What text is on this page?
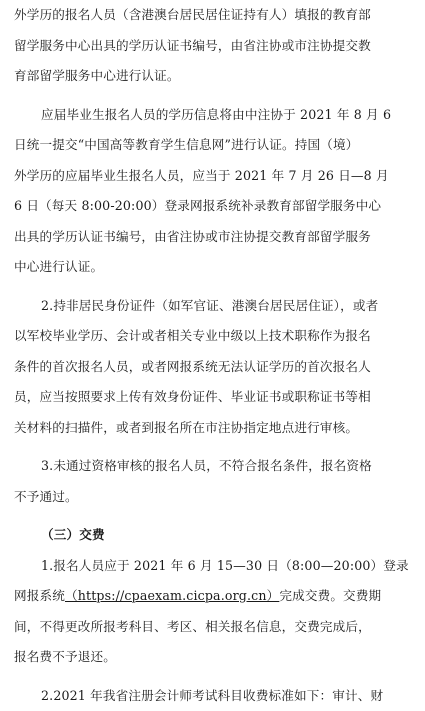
外学历的报名人员（含港澳台居民居住证持有人）填报的教育部
留学服务中心出具的学历认证书编号，由省注协或市注协提交教
育部留学服务中心进行认证。
应届毕业生报名人员的学历信息将由中注协于 2021 年 8 月 6
日统一提交“中国高等教育学生信息网”进行认证。持国（境）
外学历的应届毕业生报名人员，应当于 2021 年 7 月 26 日—8 月
6 日（每天 8:00-20:00）登录网报系统补录教育部留学服务中心
出具的学历认证书编号，由省注协或市注协提交教育部留学服务
中心进行认证。
2.持非居民身份证件（如军官证、港澳台居民居住证），或者
以军校毕业学历、会计或者相关专业中级以上技术职称作为报名
条件的首次报名人员，或者网报系统无法认证学历的首次报名人
员，应当按照要求上传有效身份证件、毕业证书或职称证书等相
关材料的扫描件，或者到报名所在市注协指定地点进行审核。
3.未通过资格审核的报名人员，不符合报名条件，报名资格
不予通过。
（三）交费
1.报名人员应于 2021 年 6 月 15—30 日（8:00—20:00）登录
网报系统（https://cpaexam.cicpa.org.cn）完成交费。交费期
间，不得更改所报考科目、考区、相关报名信息，交费完成后，
报名费不予退还。
2.2021 年我省注册会计师考试科目收费标准如下：审计、财
